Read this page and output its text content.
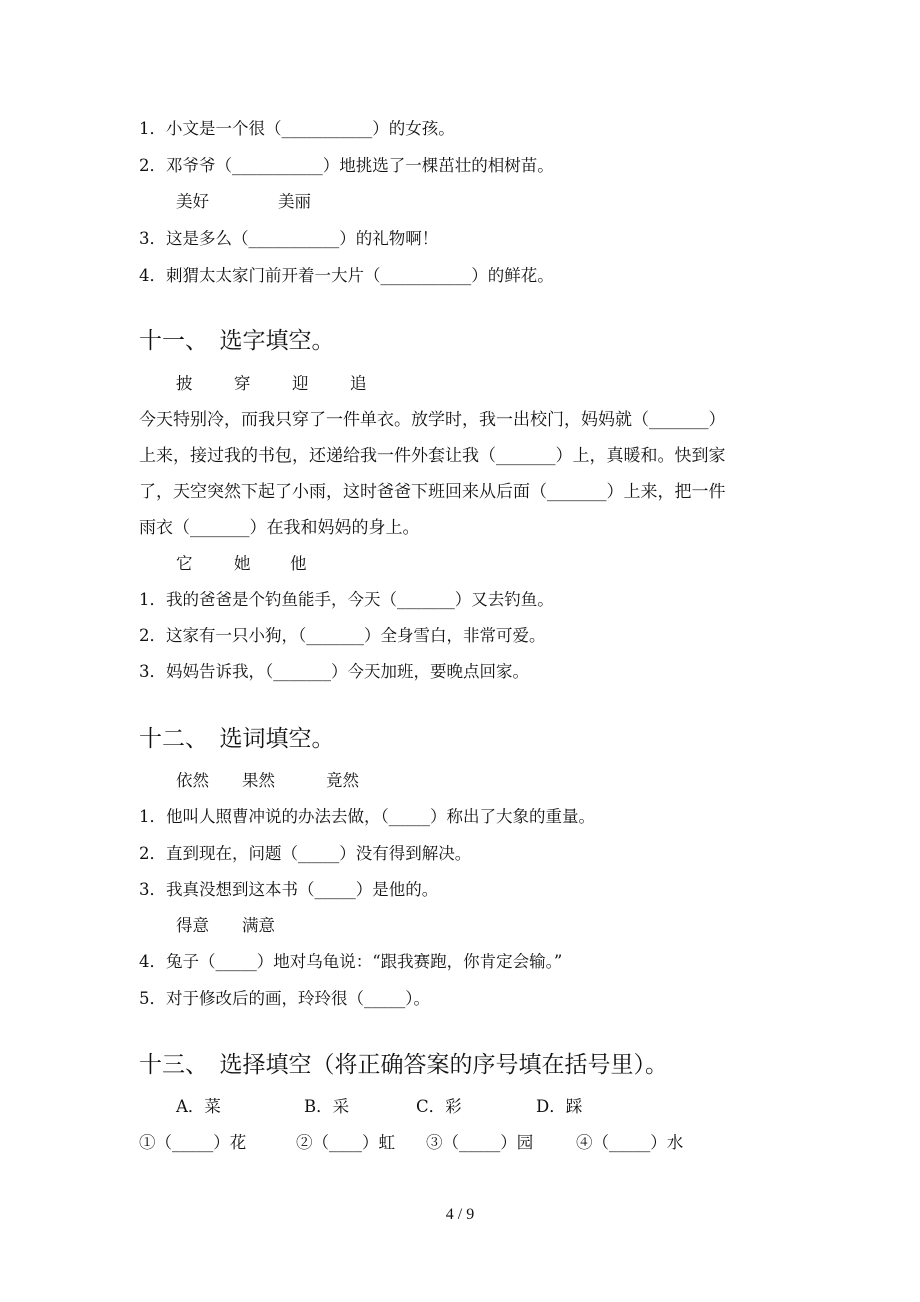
1．小文是一个很（___________）的女孩。

2．邓爷爷（___________）地挑选了一棵茁壮的相树苗。

美好	美丽

3．这是多么（___________）的礼物啊！

4．刺猬太太家门前开着一大片（___________）的鲜花。

十一、　选字填空。

披	穿	迎	追

今天特别冷，而我只穿了一件单衣。放学时，我一出校门，妈妈就（_______）
上来，接过我的书包，还递给我一件外套让我（_______）上，真暖和。快到家
了，天空突然下起了小雨，这时爸爸下班回来从后面（_______）上来，把一件
雨衣（_______）在我和妈妈的身上。

它	她 他

1．我的爸爸是个钓鱼能手，今天（_______）又去钓鱼。

2．这家有一只小狗，（_______）全身雪白，非常可爱。

3．妈妈告诉我，（_______）今天加班，要晚点回家。

十二、　选词填空。

依然 果然	竟然

1．他叫人照曹冲说的办法去做，（_____）称出了大象的重量。

2．直到现在，问题（_____）没有得到解决。

3．我真没想到这本书（_____）是他的。

得意 满意

4．兔子（_____）地对乌龟说：“跟我赛跑，你肯定会输。”

5．对于修改后的画，玲玲很（_____）。

十三、　选择填空（将正确答案的序号填在括号里）。

A．菜	B．采	C．彩	D．踩

①（_____）花	②（____）虹 ③（_____）园	④（_____）水

4 / 9
